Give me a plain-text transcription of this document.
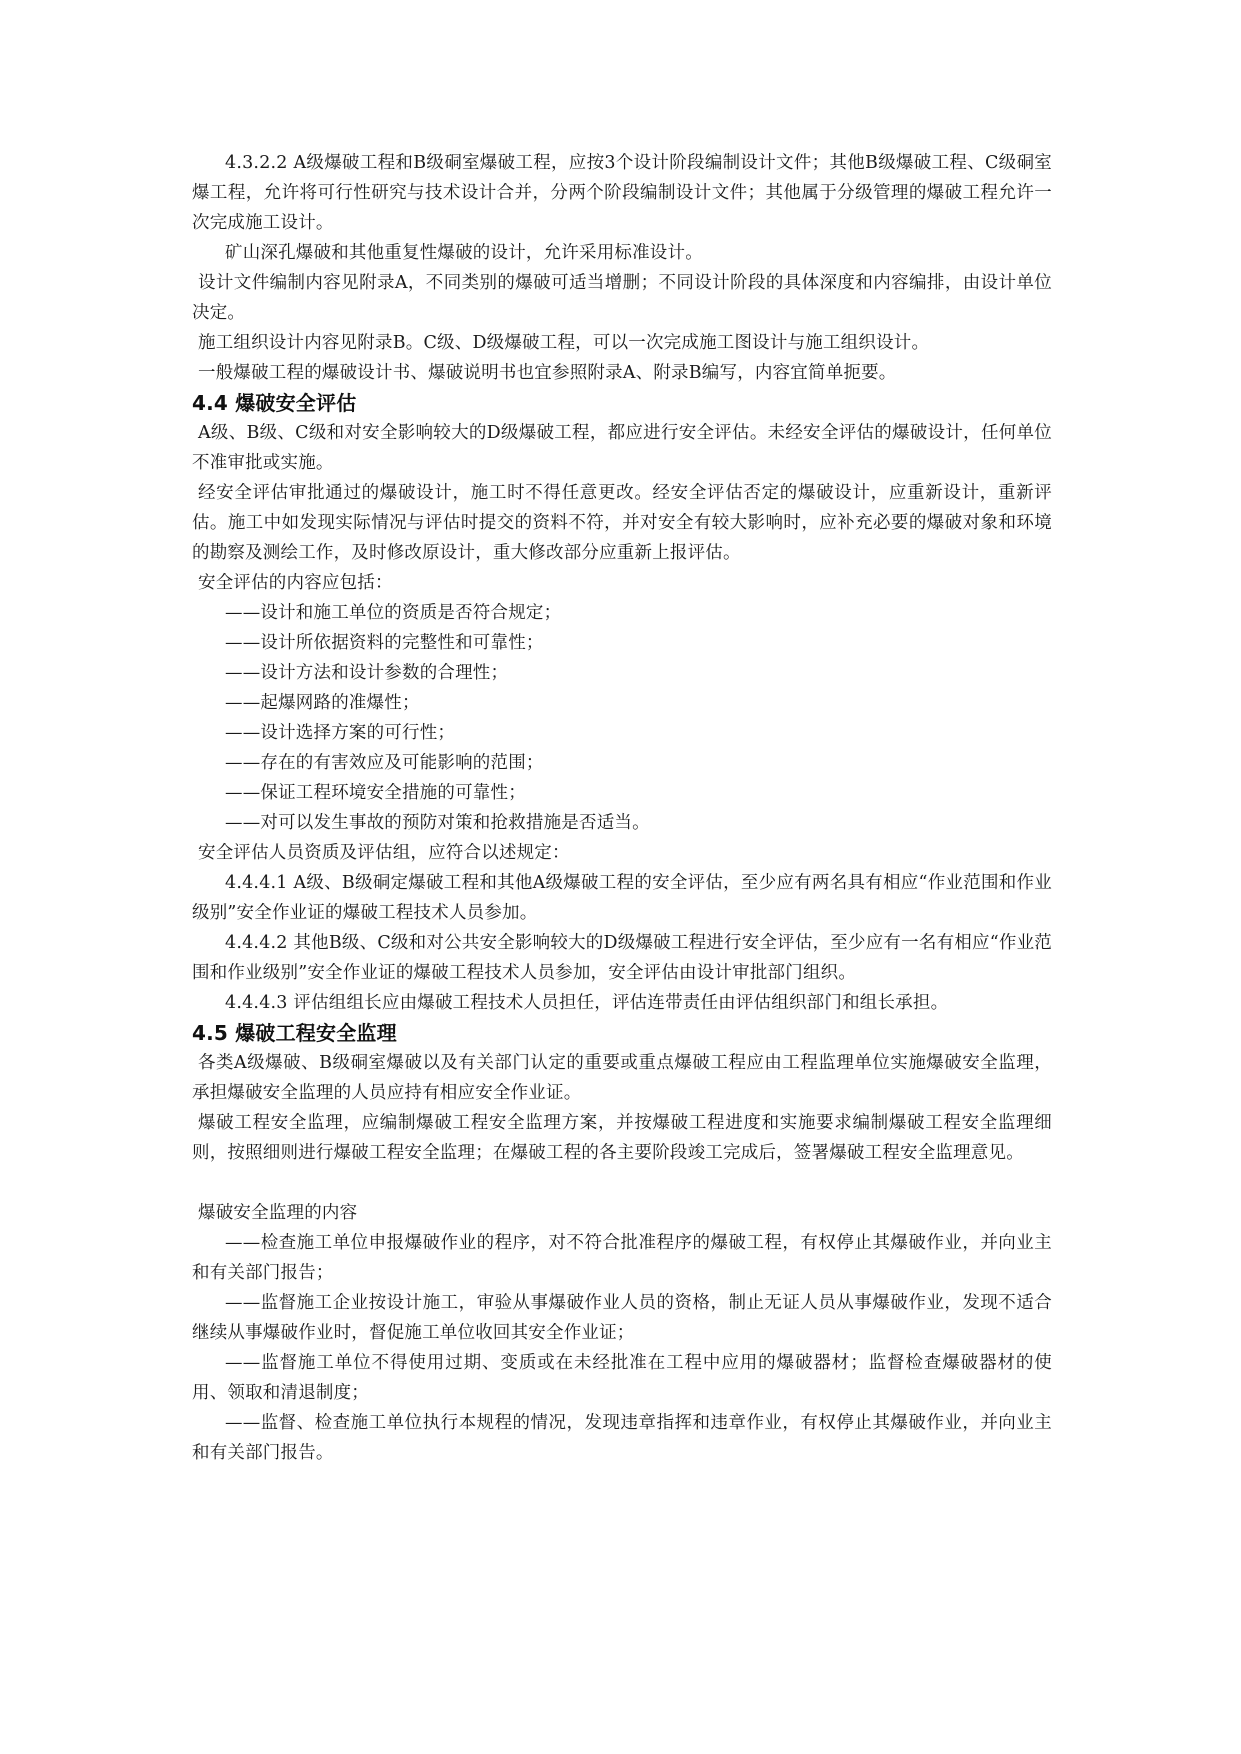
4.3.2.2 A级爆破工程和B级硐室爆破工程，应按3个设计阶段编制设计文件；其他B级爆破工程、C级硐室爆工程，允许将可行性研究与技术设计合并，分两个阶段编制设计文件；其他属于分级管理的爆破工程允许一次完成施工设计。

矿山深孔爆破和其他重复性爆破的设计，允许采用标准设计。

设计文件编制内容见附录A，不同类别的爆破可适当增删；不同设计阶段的具体深度和内容编排，由设计单位决定。

施工组织设计内容见附录B。C级、D级爆破工程，可以一次完成施工图设计与施工组织设计。

一般爆破工程的爆破设计书、爆破说明书也宜参照附录A、附录B编写，内容宜简单扼要。

4.4 爆破安全评估

A级、B级、C级和对安全影响较大的D级爆破工程，都应进行安全评估。未经安全评估的爆破设计，任何单位不准审批或实施。

经安全评估审批通过的爆破设计，施工时不得任意更改。经安全评估否定的爆破设计，应重新设计，重新评估。施工中如发现实际情况与评估时提交的资料不符，并对安全有较大影响时，应补充必要的爆破对象和环境的勘察及测绘工作，及时修改原设计，重大修改部分应重新上报评估。

安全评估的内容应包括：

——设计和施工单位的资质是否符合规定；

——设计所依据资料的完整性和可靠性；

——设计方法和设计参数的合理性；

——起爆网路的准爆性；

——设计选择方案的可行性；

——存在的有害效应及可能影响的范围；

——保证工程环境安全措施的可靠性；

——对可以发生事故的预防对策和抢救措施是否适当。

安全评估人员资质及评估组，应符合以述规定：

4.4.4.1 A级、B级硐定爆破工程和其他A级爆破工程的安全评估，至少应有两名具有相应“作业范围和作业级别”安全作业证的爆破工程技术人员参加。

4.4.4.2 其他B级、C级和对公共安全影响较大的D级爆破工程进行安全评估，至少应有一名有相应“作业范围和作业级别”安全作业证的爆破工程技术人员参加，安全评估由设计审批部门组织。

4.4.4.3 评估组组长应由爆破工程技术人员担任，评估连带责任由评估组织部门和组长承担。

4.5 爆破工程安全监理

各类A级爆破、B级硐室爆破以及有关部门认定的重要或重点爆破工程应由工程监理单位实施爆破安全监理，承担爆破安全监理的人员应持有相应安全作业证。

爆破工程安全监理，应编制爆破工程安全监理方案，并按爆破工程进度和实施要求编制爆破工程安全监理细则，按照细则进行爆破工程安全监理；在爆破工程的各主要阶段竣工完成后，签署爆破工程安全监理意见。

爆破安全监理的内容

——检查施工单位申报爆破作业的程序，对不符合批准程序的爆破工程，有权停止其爆破作业，并向业主和有关部门报告；

——监督施工企业按设计施工，审验从事爆破作业人员的资格，制止无证人员从事爆破作业，发现不适合继续从事爆破作业时，督促施工单位收回其安全作业证；

——监督施工单位不得使用过期、变质或在未经批准在工程中应用的爆破器材；监督检查爆破器材的使用、领取和清退制度；

——监督、检查施工单位执行本规程的情况，发现违章指挥和违章作业，有权停止其爆破作业，并向业主和有关部门报告。
